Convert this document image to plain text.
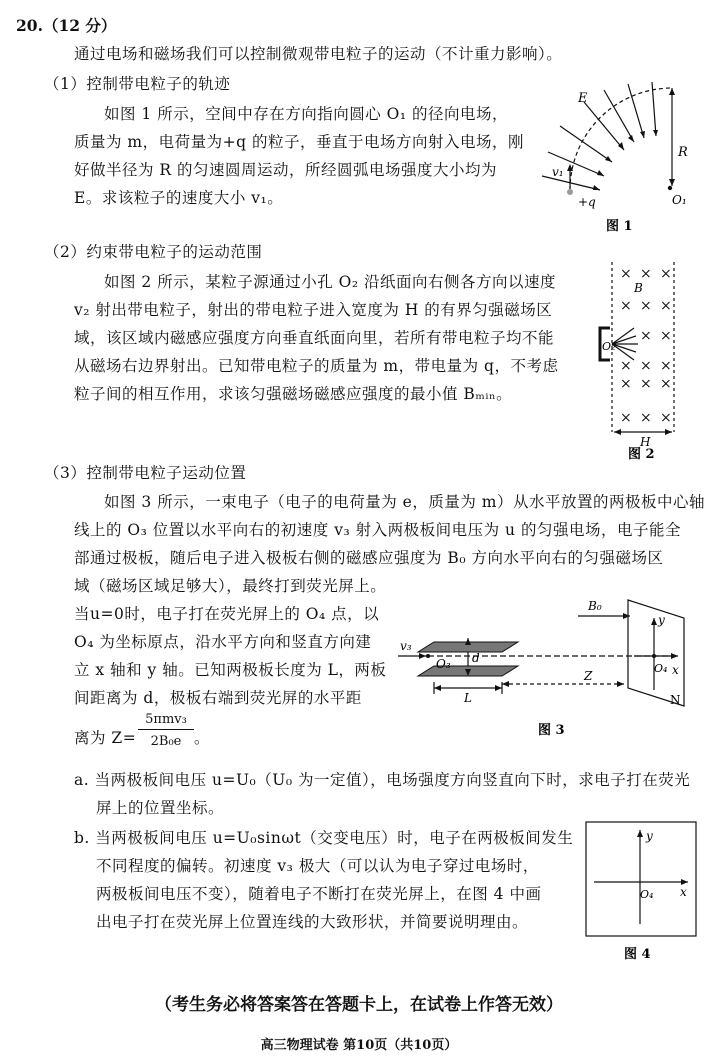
20.（12 分）
通过电场和磁场我们可以控制微观带电粒子的运动（不计重力影响）。
（1）控制带电粒子的轨迹
如图 1 所示，空间中存在方向指向圆心 O₁ 的径向电场，
质量为 m，电荷量为+q 的粒子，垂直于电场方向射入电场，刚
好做半径为 R 的匀速圆周运动，所经圆弧电场强度大小均为
E。求该粒子的速度大小 v₁。
E
R
v₁
+q	O₁
图 1
（2）约束带电粒子的运动范围
如图 2 所示，某粒子源通过小孔 O₂ 沿纸面向右侧各方向以速度
v₂ 射出带电粒子，射出的带电粒子进入宽度为 H 的有界匀强磁场区
域，该区域内磁感应强度方向垂直纸面向里，若所有带电粒子均不能
从磁场右边界射出。已知带电粒子的质量为 m，带电量为 q，不考虑
粒子间的相互作用，求该匀强磁场磁感应强度的最小值 Bₘᵢₙ。
× × ×
× ×
× ×
× ×
× × ×
× × ×
×
×
B
O₂
H
图 2
（3）控制带电粒子运动位置
如图 3 所示，一束电子（电子的电荷量为 e，质量为 m）从水平放置的两极板中心轴
线上的 O₃ 位置以水平向右的初速度 v₃ 射入两极板间电压为 u 的匀强电场，电子能全
部通过极板，随后电子进入极板右侧的磁感应强度为 B₀ 方向水平向右的匀强磁场区
域（磁场区域足够大），最终打到荧光屏上。
当u=0时，电子打在荧光屏上的 O₄ 点，以
O₄ 为坐标原点，沿水平方向和竖直方向建
立 x 轴和 y 轴。已知两极板长度为 L，两板
间距离为 d，极板右端到荧光屏的水平距
离为 Z=
5πmv₃
2B₀e 。
B₀
v₃
O₃ d
L
Z
y
x
O₄
N
图 3
a. 当两极板间电压 u=U₀（U₀ 为一定值），电场强度方向竖直向下时，求电子打在荧光
屏上的位置坐标。
b. 当两极板间电压 u=U₀sinωt（交变电压）时，电子在两极板间发生
不同程度的偏转。初速度 v₃ 极大（可以认为电子穿过电场时，
两极板间电压不变），随着电子不断打在荧光屏上，在图 4 中画
出电子打在荧光屏上位置连线的大致形状，并简要说明理由。
y
x
O₄
图 4
（考生务必将答案答在答题卡上，在试卷上作答无效）
高三物理试卷 第10页（共10页）
